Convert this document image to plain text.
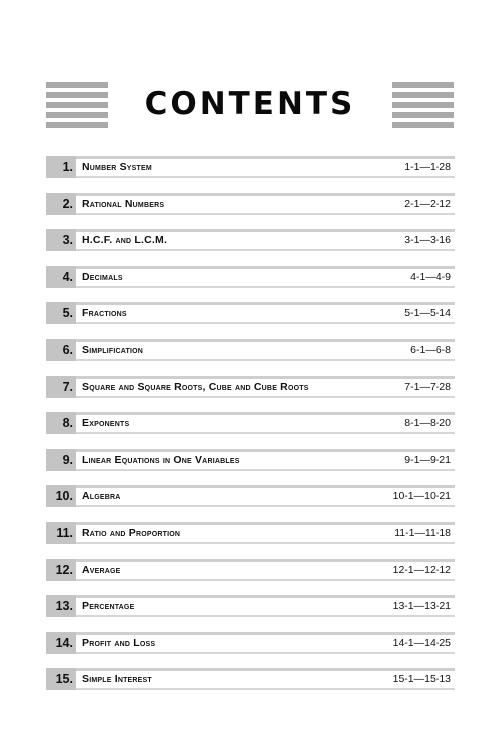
CONTENTS
1. Number System	1-1—1-28
2. Rational Numbers	2-1—2-12
3. H.C.F. and L.C.M.	3-1—3-16
4. Decimals	4-1—4-9
5. Fractions	5-1—5-14
6. Simplification	6-1—6-8
7. Square and Square Roots, Cube and Cube Roots	7-1—7-28
8. Exponents	8-1—8-20
9. Linear Equations in One Variables	9-1—9-21
10. Algebra	10-1—10-21
11. Ratio and Proportion	11-1—11-18
12. Average	12-1—12-12
13. Percentage	13-1—13-21
14. Profit and Loss	14-1—14-25
15. Simple Interest	15-1—15-13
